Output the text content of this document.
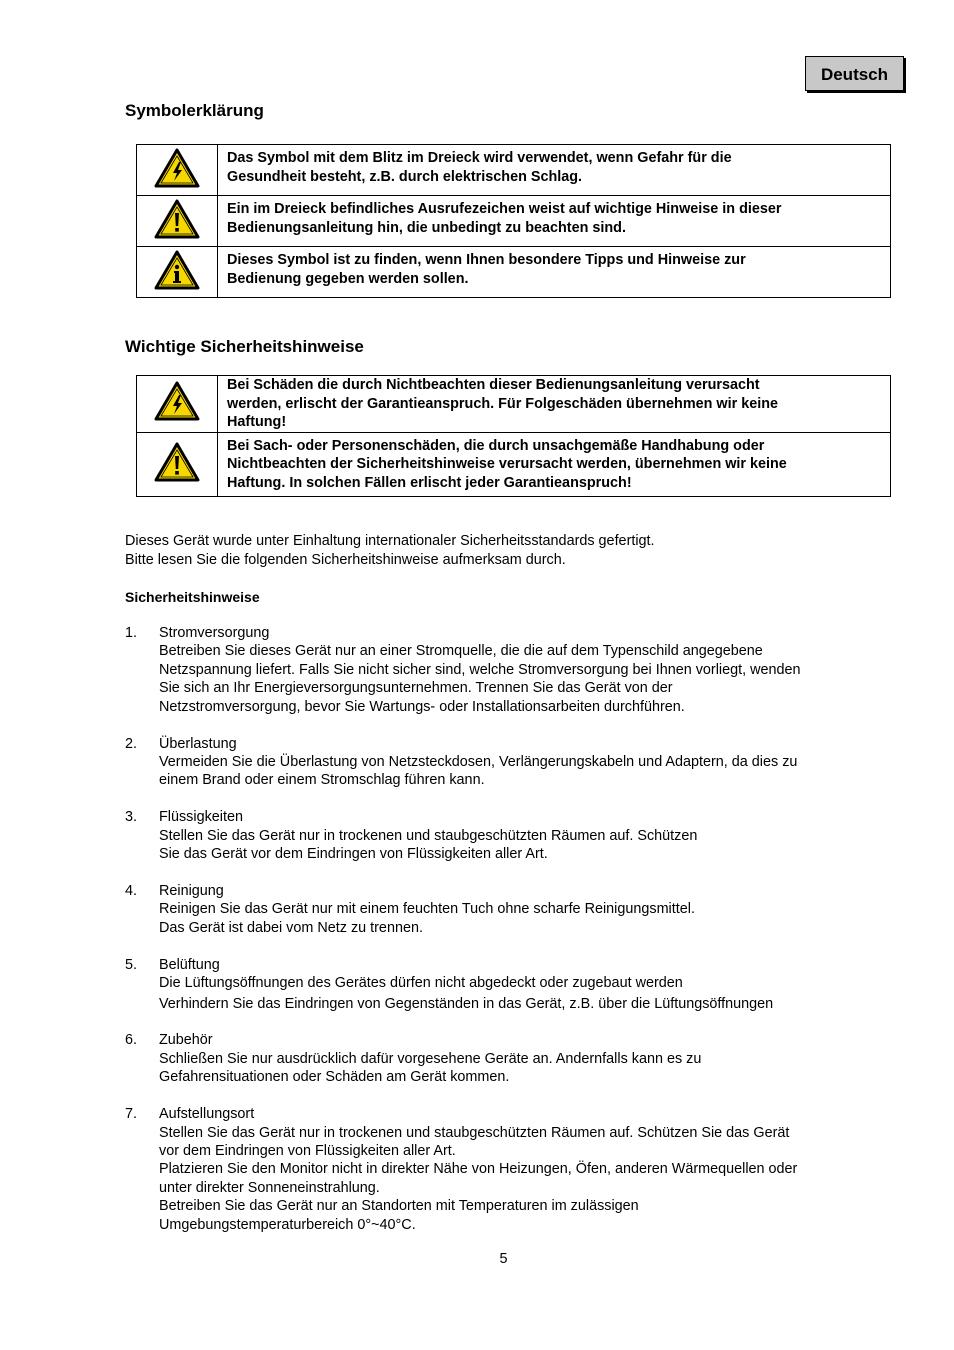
Deutsch
Symbolerklärung

Das Symbol mit dem Blitz im Dreieck wird verwendet, wenn Gefahr für die
Gesundheit besteht, z.B. durch elektrischen Schlag.

Ein im Dreieck befindliches Ausrufezeichen weist auf wichtige Hinweise in dieser
Bedienungsanleitung hin, die unbedingt zu beachten sind.

Dieses Symbol ist zu finden, wenn Ihnen besondere Tipps und Hinweise zur
Bedienung gegeben werden sollen.
Wichtige Sicherheitshinweise

Bei Schäden die durch Nichtbeachten dieser Bedienungsanleitung verursacht
werden, erlischt der Garantieanspruch. Für Folgeschäden übernehmen wir keine
Haftung!

Bei Sach- oder Personenschäden, die durch unsachgemäße Handhabung oder
Nichtbeachten der Sicherheitshinweise verursacht werden, übernehmen wir keine
Haftung. In solchen Fällen erlischt jeder Garantieanspruch!
Dieses Gerät wurde unter Einhaltung internationaler Sicherheitsstandards gefertigt.
Bitte lesen Sie die folgenden Sicherheitshinweise aufmerksam durch.
Sicherheitshinweise
1. Stromversorgung
Betreiben Sie dieses Gerät nur an einer Stromquelle, die die auf dem Typenschild angegebene
Netzspannung liefert. Falls Sie nicht sicher sind, welche Stromversorgung bei Ihnen vorliegt, wenden
Sie sich an Ihr Energieversorgungsunternehmen. Trennen Sie das Gerät von der
Netzstromversorgung, bevor Sie Wartungs- oder Installationsarbeiten durchführen.
2. Überlastung
Vermeiden Sie die Überlastung von Netzsteckdosen, Verlängerungskabeln und Adaptern, da dies zu
einem Brand oder einem Stromschlag führen kann.
3. Flüssigkeiten
Stellen Sie das Gerät nur in trockenen und staubgeschützten Räumen auf. Schützen
Sie das Gerät vor dem Eindringen von Flüssigkeiten aller Art.
4. Reinigung
Reinigen Sie das Gerät nur mit einem feuchten Tuch ohne scharfe Reinigungsmittel.
Das Gerät ist dabei vom Netz zu trennen.
5. Belüftung
Die Lüftungsöffnungen des Gerätes dürfen nicht abgedeckt oder zugebaut werden
Verhindern Sie das Eindringen von Gegenständen in das Gerät, z.B. über die Lüftungsöffnungen
6. Zubehör
Schließen Sie nur ausdrücklich dafür vorgesehene Geräte an. Andernfalls kann es zu
Gefahrensituationen oder Schäden am Gerät kommen.
7. Aufstellungsort
Stellen Sie das Gerät nur in trockenen und staubgeschützten Räumen auf. Schützen Sie das Gerät
vor dem Eindringen von Flüssigkeiten aller Art.
Platzieren Sie den Monitor nicht in direkter Nähe von Heizungen, Öfen, anderen Wärmequellen oder
unter direkter Sonneneinstrahlung.
Betreiben Sie das Gerät nur an Standorten mit Temperaturen im zulässigen
Umgebungstemperaturbereich 0°~40°C.
5
